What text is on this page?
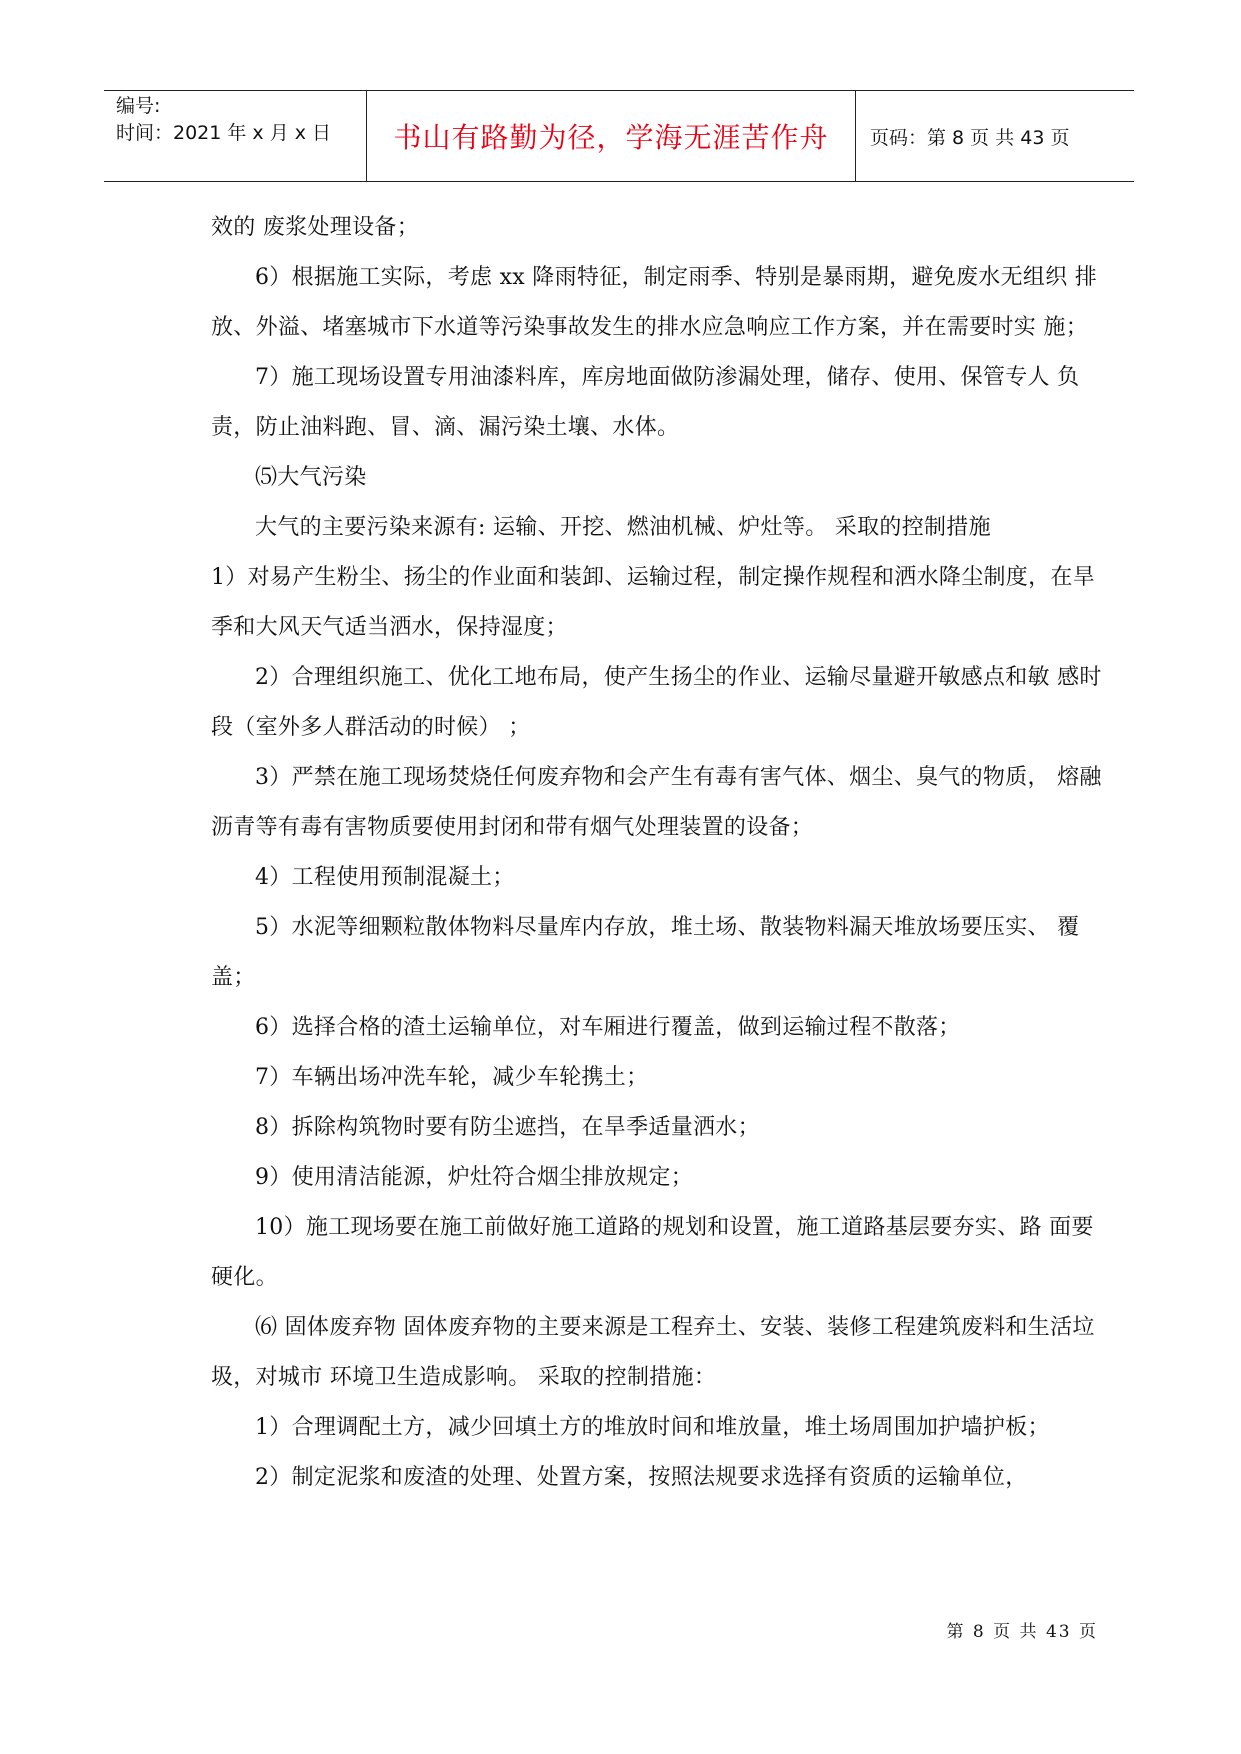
编号:
时间：2021 年 x 月 x 日	书山有路勤为径，学海无涯苦作舟 页码：第 8 页 共 43 页

效的 废浆处理设备；

6）根据施工实际，考虑 xx 降雨特征，制定雨季、特别是暴雨期，避免废水无组织 排放、外溢、堵塞城市下水道等污染事故发生的排水应急响应工作方案，并在需要时实 施；

7）施工现场设置专用油漆料库，库房地面做防渗漏处理，储存、使用、保管专人 负责，防止油料跑、冒、滴、漏污染土壤、水体。

⑸大气污染

大气的主要污染来源有: 运输、开挖、燃油机械、炉灶等。 采取的控制措施

1）对易产生粉尘、扬尘的作业面和装卸、运输过程，制定操作规程和洒水降尘制度，在旱季和大风天气适当洒水，保持湿度；

2）合理组织施工、优化工地布局，使产生扬尘的作业、运输尽量避开敏感点和敏 感时段（室外多人群活动的时候） ；

3）严禁在施工现场焚烧任何废弃物和会产生有毒有害气体、烟尘、臭气的物质， 熔融沥青等有毒有害物质要使用封闭和带有烟气处理装置的设备；

4）工程使用预制混凝土；

5）水泥等细颗粒散体物料尽量库内存放，堆土场、散装物料漏天堆放场要压实、 覆盖；

6）选择合格的渣土运输单位，对车厢进行覆盖，做到运输过程不散落；

7）车辆出场冲洗车轮，减少车轮携土；

8）拆除构筑物时要有防尘遮挡，在旱季适量洒水；

9）使用清洁能源，炉灶符合烟尘排放规定；

10）施工现场要在施工前做好施工道路的规划和设置，施工道路基层要夯实、路 面要硬化。

⑹ 固体废弃物 固体废弃物的主要来源是工程弃土、安装、装修工程建筑废料和生活垃圾，对城市 环境卫生造成影响。 采取的控制措施：

1）合理调配土方，减少回填土方的堆放时间和堆放量，堆土场周围加护墙护板；

2）制定泥浆和废渣的处理、处置方案，按照法规要求选择有资质的运输单位，

第 8 页 共 43 页
